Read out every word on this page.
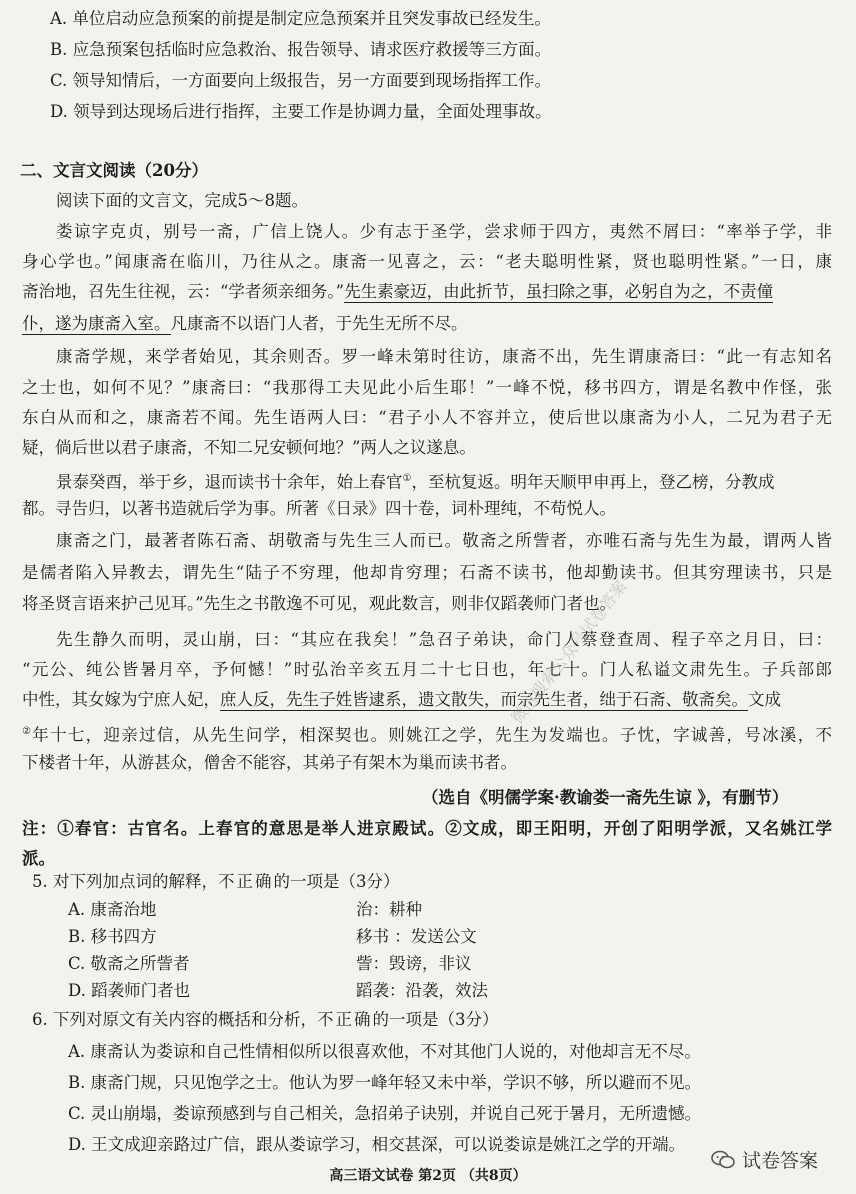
A. 单位启动应急预案的前提是制定应急预案并且突发事故已经发生。
B. 应急预案包括临时应急救治、报告领导、请求医疗救援等三方面。
C. 领导知情后，一方面要向上级报告，另一方面要到现场指挥工作。
D. 领导到达现场后进行指挥，主要工作是协调力量，全面处理事故。
二、文言文阅读（20分）
阅读下面的文言文，完成5～8题。
娄谅字克贞，别号一斋，广信上饶人。少有志于圣学，尝求师于四方，夷然不屑曰：“率举子学，非
身心学也。”闻康斋在临川，乃往从之。康斋一见喜之，云：“老夫聪明性紧，贤也聪明性紧。”一日，康
斋治地，召先生往视，云：“学者须亲细务。”先生素豪迈，由此折节，虽扫除之事，必躬自为之，不责僮
仆，遂为康斋入室。凡康斋不以语门人者，于先生无所不尽。
康斋学规，来学者始见，其余则否。罗一峰未第时往访，康斋不出，先生谓康斋曰：“此一有志知名
之士也，如何不见？”康斋曰：“我那得工夫见此小后生耶！”一峰不悦，移书四方，谓是名教中作怪，张
东白从而和之，康斋若不闻。先生语两人曰：“君子小人不容并立，使后世以康斋为小人，二兄为君子无
疑，倘后世以君子康斋，不知二兄安顿何地？”两人之议遂息。
景泰癸酉，举于乡，退而读书十余年，始上春官①，至杭复返。明年天顺甲申再上，登乙榜，分教成
都。寻告归，以著书造就后学为事。所著《日录》四十卷，词朴理纯，不苟悦人。
康斋之门，最著者陈石斋、胡敬斋与先生三人而已。敬斋之所訾者，亦唯石斋与先生为最，谓两人皆
是儒者陷入异教去，谓先生“陆子不穷理，他却肯穷理；石斋不读书，他却勤读书。但其穷理读书，只是
将圣贤言语来护己见耳。”先生之书散逸不可见，观此数言，则非仅蹈袭师门者也。
先生静久而明，灵山崩，曰：“其应在我矣！”急召子弟诀，命门人蔡登查周、程子卒之月日，曰：
“元公、纯公皆暑月卒，予何憾！”时弘治辛亥五月二十七日也，年七十。门人私谥文肃先生。子兵部郎
中性，其女嫁为宁庶人妃，庶人反，先生子姓皆逮系，遗文散失，而宗先生者，绌于石斋、敬斋矣。文成
②年十七，迎亲过信，从先生问学，相深契也。则姚江之学，先生为发端也。子忱，字诚善，号冰溪，不
下楼者十年，从游甚众，僧舍不能容，其弟子有架木为巢而读书者。
（选自《明儒学案·教谕娄一斋先生谅 》，有删节）
注：①春官：古官名。上春官的意思是举人进京殿试。②文成，即王阳明，开创了阳明学派，又名姚江学
派。
5. 对下列加点词的解释，不正确的一项是（3分）
A. 康斋治地	治：耕种
B. 移书四方	移书 ：发送公文
C. 敬斋之所訾者	訾：毁谤，非议
D. 蹈袭师门者也	蹈袭：沿袭，效法
6. 下列对原文有关内容的概括和分析，不正确的一项是（3分）
A. 康斋认为娄谅和自己性情相似所以很喜欢他，不对其他门人说的，对他却言无不尽。
B. 康斋门规，只见饱学之士。他认为罗一峰年轻又未中举，学识不够，所以避而不见。
C. 灵山崩塌，娄谅预感到与自己相关，急招弟子诀别，并说自己死于暑月，无所遗憾。
D. 王文成迎亲路过广信，跟从娄谅学习，相交甚深，可以说娄谅是姚江之学的开端。
微信搜索公众号试卷答案
高三语文试卷 第2页 （共8页）
试卷答案
